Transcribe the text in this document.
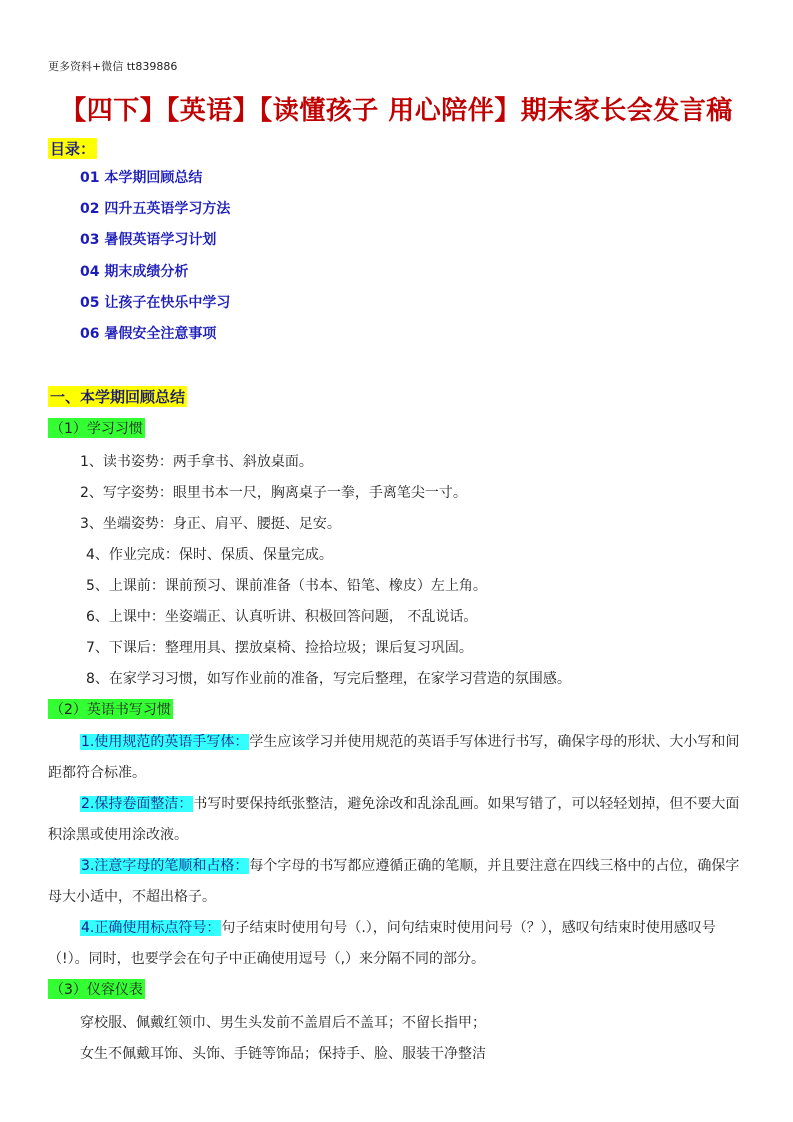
更多资料+微信 tt839886
【四下】【英语】【读懂孩子 用心陪伴】期末家长会发言稿
目录：
01 本学期回顾总结
02 四升五英语学习方法
03 暑假英语学习计划
04 期末成绩分析
05 让孩子在快乐中学习
06 暑假安全注意事项
一、本学期回顾总结
（1）学习习惯
1、读书姿势：两手拿书、斜放桌面。
2、写字姿势：眼里书本一尺，胸离桌子一拳，手离笔尖一寸。
3、坐端姿势：身正、肩平、腰挺、足安。
4、作业完成：保时、保质、保量完成。
5、上课前：课前预习、课前准备（书本、铅笔、橡皮）左上角。
6、上课中：坐姿端正、认真听讲、积极回答问题， 不乱说话。
7、下课后：整理用具、摆放桌椅、捡拾垃圾；课后复习巩固。
8、在家学习习惯，如写作业前的准备，写完后整理，在家学习营造的氛围感。
（2）英语书写习惯
1.使用规范的英语手写体：学生应该学习并使用规范的英语手写体进行书写，确保字母的形状、大小写和间距都符合标准。
2.保持卷面整洁：书写时要保持纸张整洁，避免涂改和乱涂乱画。如果写错了，可以轻轻划掉，但不要大面积涂黑或使用涂改液。
3.注意字母的笔顺和占格：每个字母的书写都应遵循正确的笔顺，并且要注意在四线三格中的占位，确保字母大小适中，不超出格子。
4.正确使用标点符号：句子结束时使用句号（.），问句结束时使用问号（？），感叹句结束时使用感叹号（!）。同时，也要学会在句子中正确使用逗号（,）来分隔不同的部分。
（3）仪容仪表
穿校服、佩戴红领巾、男生头发前不盖眉后不盖耳；不留长指甲；
女生不佩戴耳饰、头饰、手链等饰品；保持手、脸、服装干净整洁
